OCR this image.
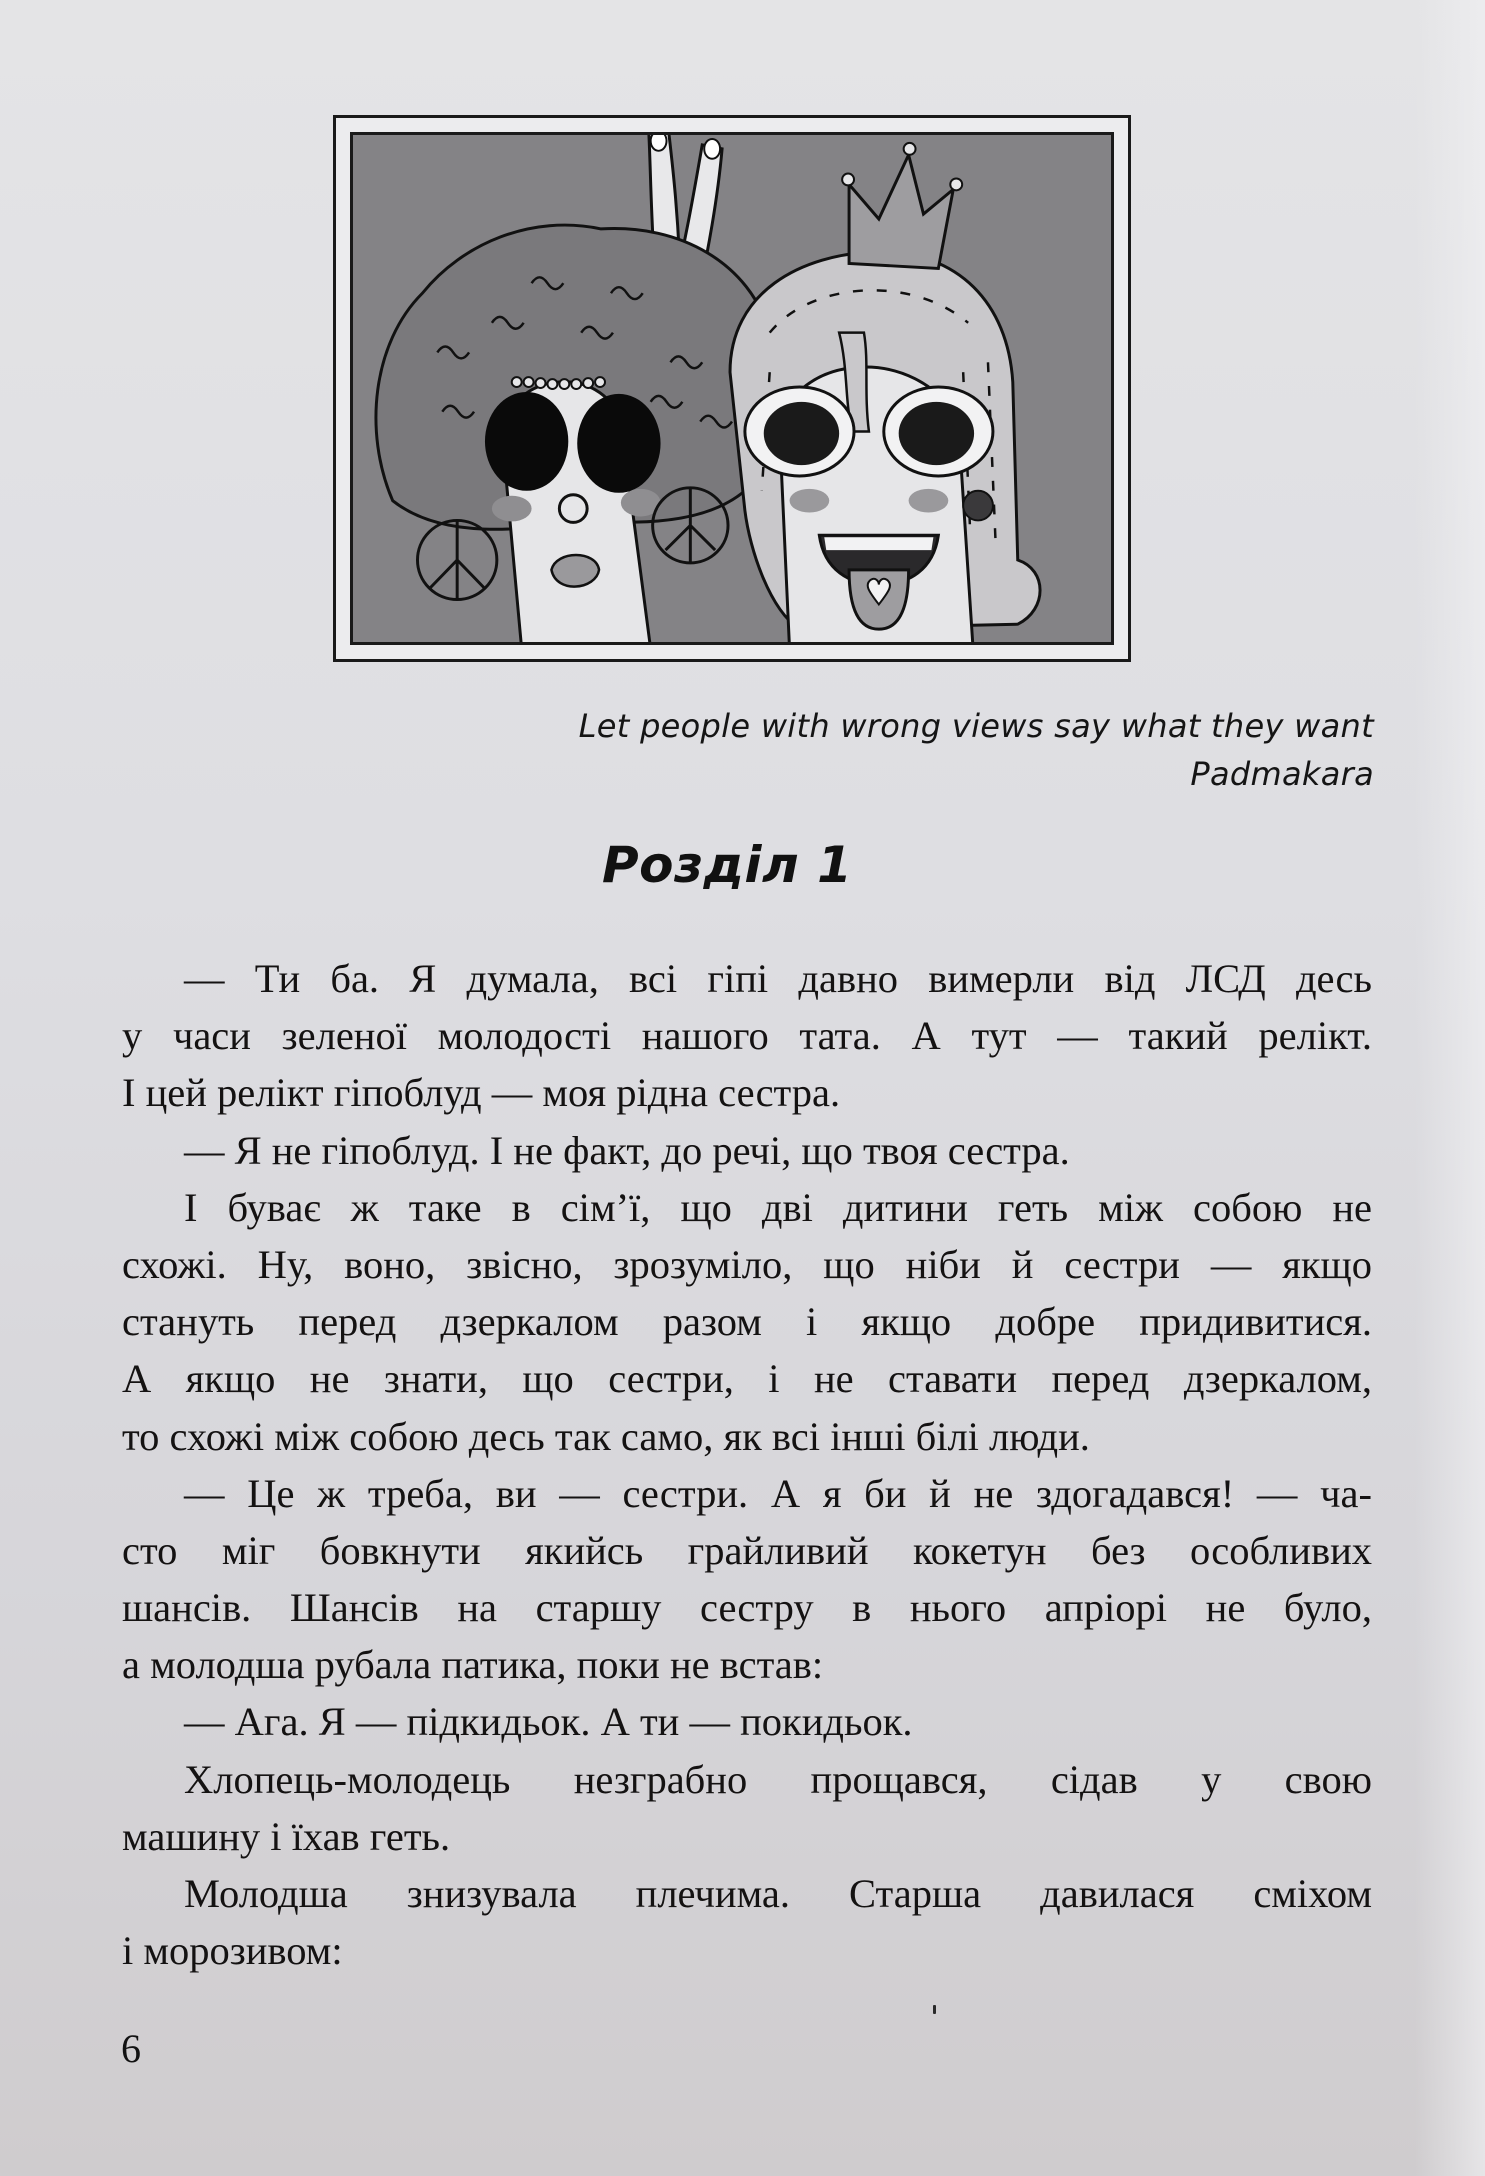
Let people with wrong views say what they want
Padmakara
Розділ 1
— Ти ба. Я думала, всі гіпі давно вимерли від ЛСД десь
у часи зеленої молодості нашого тата. А тут — такий релікт.
І цей релікт гіпоблуд — моя рідна сестра.
— Я не гіпоблуд. І не факт, до речі, що твоя сестра.
І буває ж таке в сім’ї, що дві дитини геть між собою не
схожі. Ну, воно, звісно, зрозуміло, що ніби й сестри — якщо
стануть перед дзеркалом разом і якщо добре придивитися.
А якщо не знати, що сестри, і не ставати перед дзеркалом,
то схожі між собою десь так само, як всі інші білі люди.
— Це ж треба, ви — сестри. А я би й не здогадався! — ча-
сто міг бовкнути якийсь грайливий кокетун без особливих
шансів. Шансів на старшу сестру в нього апріорі не було,
а молодша рубала патика, поки не встав:
— Ага. Я — підкидьок. А ти — покидьок.
Хлопець-молодець незграбно прощався, сідав у свою
машину і їхав геть.
Молодша знизувала плечима. Старша давилася сміхом
і морозивом:
6
